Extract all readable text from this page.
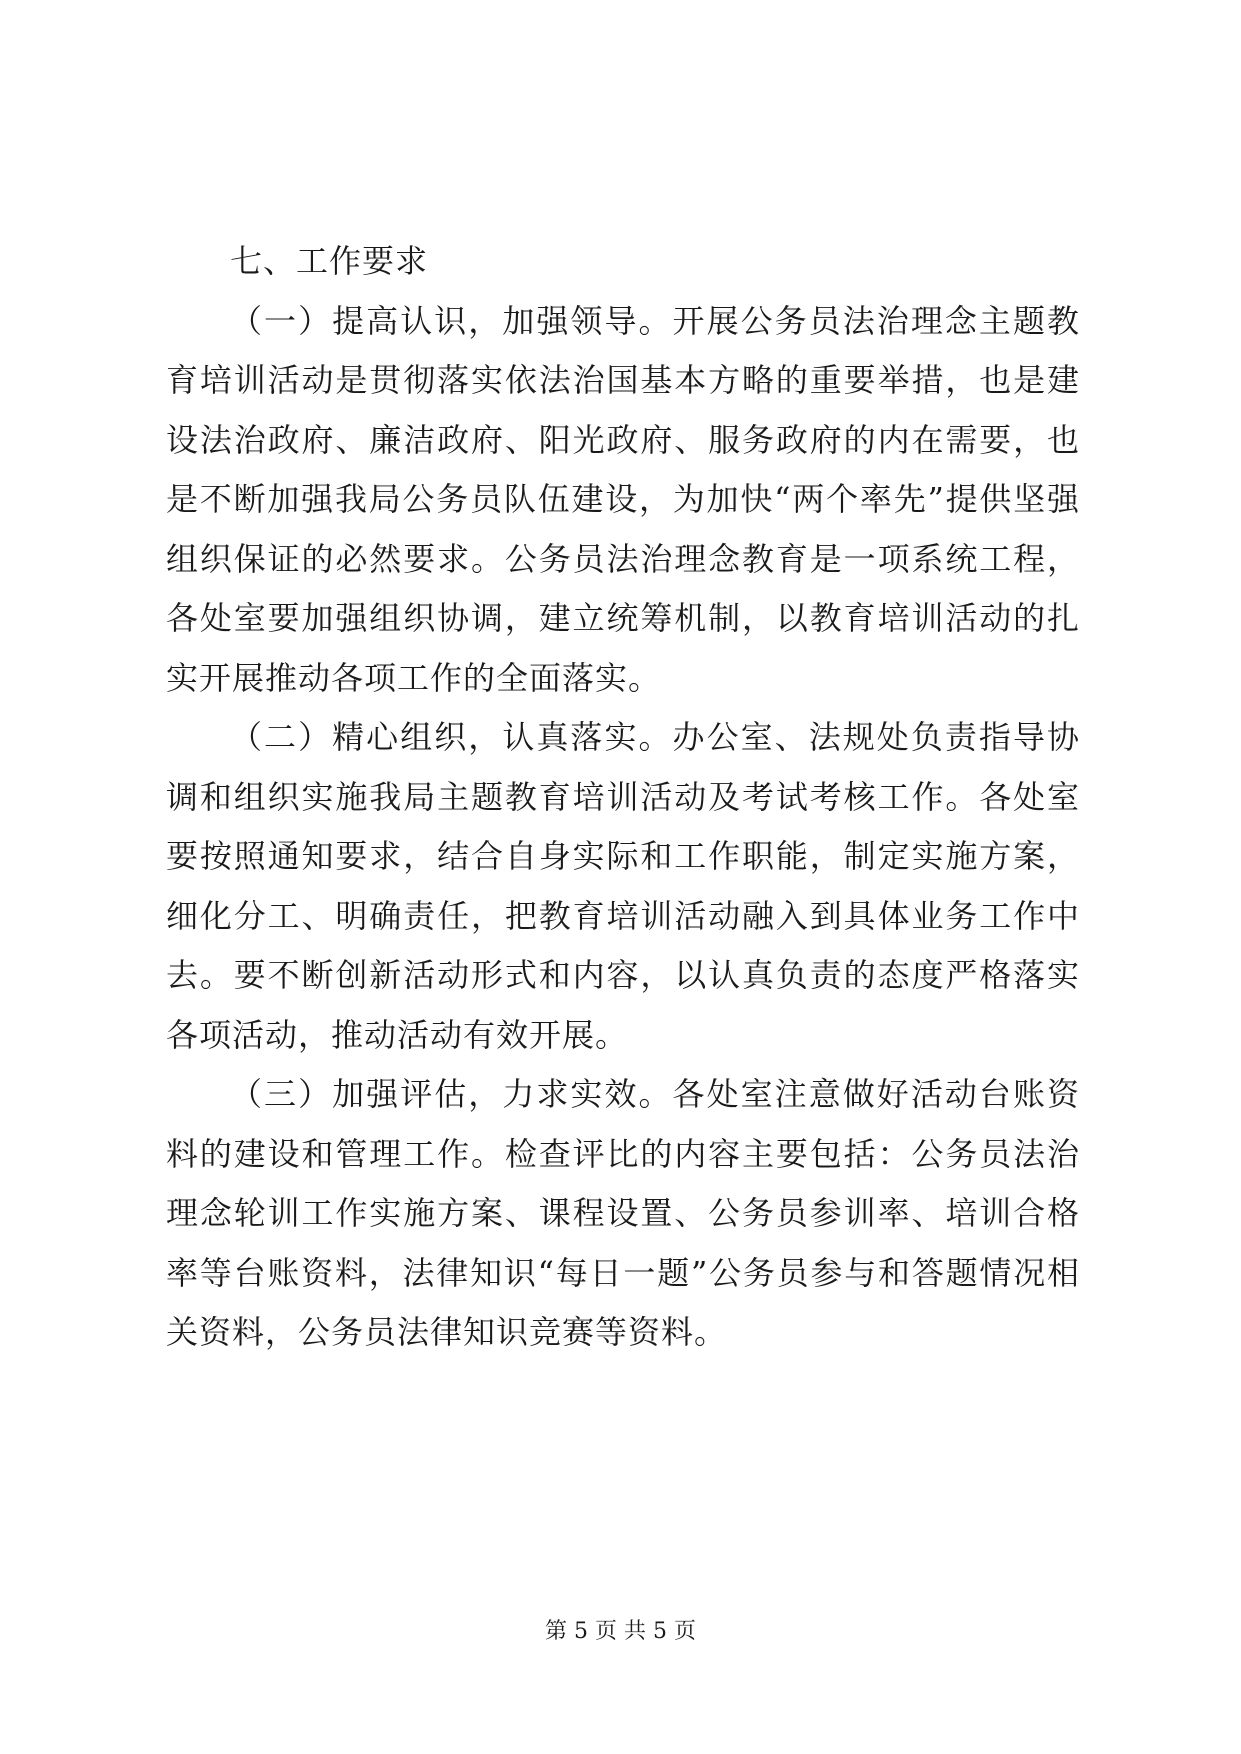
七、工作要求

（一）提高认识，加强领导。开展公务员法治理念主题教育培训活动是贯彻落实依法治国基本方略的重要举措，也是建设法治政府、廉洁政府、阳光政府、服务政府的内在需要，也是不断加强我局公务员队伍建设，为加快“两个率先”提供坚强组织保证的必然要求。公务员法治理念教育是一项系统工程，各处室要加强组织协调，建立统筹机制，以教育培训活动的扎实开展推动各项工作的全面落实。

（二）精心组织，认真落实。办公室、法规处负责指导协调和组织实施我局主题教育培训活动及考试考核工作。各处室要按照通知要求，结合自身实际和工作职能，制定实施方案，细化分工、明确责任，把教育培训活动融入到具体业务工作中去。要不断创新活动形式和内容，以认真负责的态度严格落实各项活动，推动活动有效开展。

（三）加强评估，力求实效。各处室注意做好活动台账资料的建设和管理工作。检查评比的内容主要包括：公务员法治理念轮训工作实施方案、课程设置、公务员参训率、培训合格率等台账资料，法律知识“每日一题”公务员参与和答题情况相关资料，公务员法律知识竞赛等资料。

第 5 页 共 5 页
